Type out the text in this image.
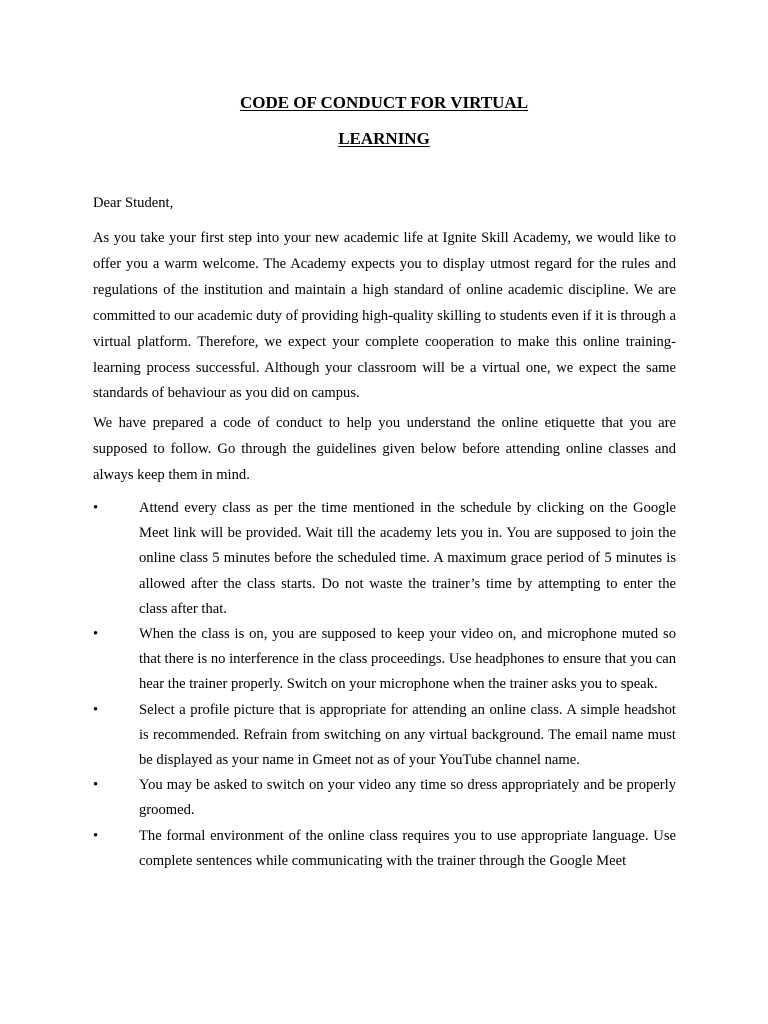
CODE OF CONDUCT FOR VIRTUAL
LEARNING

Dear Student,

As you take your first step into your new academic life at Ignite Skill Academy, we would like to offer you a warm welcome. The Academy expects you to display utmost regard for the rules and regulations of the institution and maintain a high standard of online academic discipline. We are committed to our academic duty of providing high-quality skilling to students even if it is through a virtual platform. Therefore, we expect your complete cooperation to make this online training-learning process successful. Although your classroom will be a virtual one, we expect the same standards of behaviour as you did on campus.

We have prepared a code of conduct to help you understand the online etiquette that you are supposed to follow. Go through the guidelines given below before attending online classes and always keep them in mind.

•	Attend every class as per the time mentioned in the schedule by clicking on the Google Meet link will be provided. Wait till the academy lets you in. You are supposed to join the online class 5 minutes before the scheduled time. A maximum grace period of 5 minutes is allowed after the class starts. Do not waste the trainer’s time by attempting to enter the class after that.
•	When the class is on, you are supposed to keep your video on, and microphone muted so that there is no interference in the class proceedings. Use headphones to ensure that you can hear the trainer properly. Switch on your microphone when the trainer asks you to speak.
•	Select a profile picture that is appropriate for attending an online class. A simple headshot is recommended. Refrain from switching on any virtual background. The email name must be displayed as your name in Gmeet not as of your YouTube channel name.
•	You may be asked to switch on your video any time so dress appropriately and be properly groomed.
•	The formal environment of the online class requires you to use appropriate language. Use complete sentences while communicating with the trainer through the Google Meet
